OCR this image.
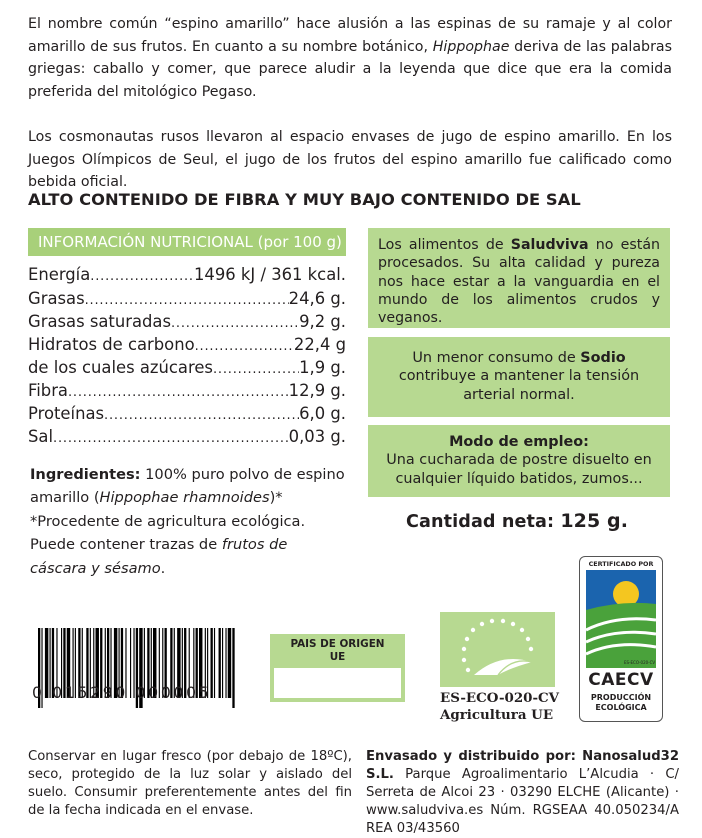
El nombre común “espino amarillo” hace alusión a las espinas de su ramaje y al color amarillo de sus frutos. En cuanto a su nombre botánico, Hippophae deriva de las palabras griegas: caballo y comer, que parece aludir a la leyenda que dice que era la comida preferida del mitológico Pegaso.

Los cosmonautas rusos llevaron al espacio envases de jugo de espino amarillo. En los Juegos Olímpicos de Seul, el jugo de los frutos del espino amarillo fue calificado como bebida oficial.

ALTO CONTENIDO DE FIBRA Y MUY BAJO CONTENIDO DE SAL

INFORMACIÓN NUTRICIONAL (por 100 g)
Energía .....	1496 kJ / 361 kcal.
Grasas .....	24,6 g.
Grasas saturadas .....	9,2 g.
Hidratos de carbono .....	22,4 g
de los cuales azúcares .....	1,9 g.
Fibra .....	12,9 g.
Proteínas .....	6,0 g.
Sal .....	0,03 g.
Ingredientes: 100% puro polvo de espino amarillo (Hippophae rhamnoides)*
*Procedente de agricultura ecológica.
Puede contener trazas de frutos de cáscara y sésamo.
Los alimentos de Saludviva no están procesados. Su alta calidad y pureza nos hace estar a la vanguardia en el mundo de los alimentos crudos y veganos.
Un menor consumo de Sodio contribuye a mantener la tensión arterial normal.
Modo de empleo:
Una cucharada de postre disuelto en cualquier líquido batidos, zumos...
Cantidad neta: 125 g.
0 015290 000005
PAIS DE ORIGEN
UE
ES-ECO-020-CV
Agricultura UE
CERTIFICADO POR
CAECV
PRODUCCIÓN
ECOLÓGICA
ES-ECO-020-CV
Conservar en lugar fresco (por debajo de 18ºC), seco, protegido de la luz solar y aislado del suelo. Consumir preferentemente antes del fin de la fecha indicada en el envase.
Envasado y distribuido por: Nanosalud32 S.L. Parque Agroalimentario L’Alcudia · C/ Serreta de Alcoi 23 · 03290 ELCHE (Alicante) · www.saludviva.es Núm. RGSEAA 40.050234/A REA 03/43560
